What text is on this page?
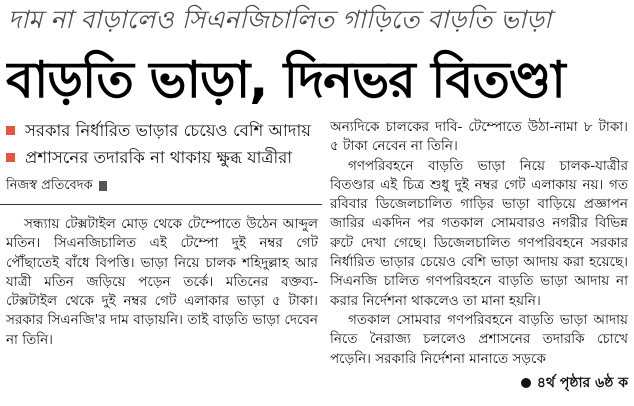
দাম না বাড়ালেও সিএনজিচালিত গাড়িতে বাড়তি ভাড়া
বাড়তি ভাড়া, দিনভর বিতণ্ডা
সরকার নির্ধারিত ভাড়ার চেয়েও বেশি আদায়
প্রশাসনের তদারকি না থাকায় ক্ষুব্ধ যাত্রীরা
নিজস্ব প্রতিবেদক

সন্ধ্যায় টেক্সটাইল মোড় থেকে টেম্পোতে উঠেন আব্দুল মতিন। সিএনজিচালিত এই টেম্পো দুই নম্বর গেট পৌঁছাতেই বাঁধে বিপত্তি। ভাড়া নিয়ে চালক শহিদুল্লাহ আর যাত্রী মতিন জড়িয়ে পড়েন তর্কে। মতিনের বক্তব্য- টেক্সটাইল থেকে দুই নম্বর গেট এলাকার ভাড়া ৫ টাকা। সরকার সিএনজি'র দাম বাড়ায়নি। তাই বাড়তি ভাড়া দেবেন না তিনি।

অন্যদিকে চালকের দাবি- টেম্পোতে উঠা-নামা ৮ টাকা। ৫ টাকা নেবেন না তিনি।

গণপরিবহনে বাড়তি ভাড়া নিয়ে চালক-যাত্রীর বিতণ্ডার এই চিত্র শুধু দুই নম্বর গেট এলাকায় নয়। গত রবিবার ডিজেলচালিত গাড়ির ভাড়া বাড়িয়ে প্রজ্ঞাপন জারির একদিন পর গতকাল সোমবারও নগরীর বিভিন্ন রুটে দেখা গেছে। ডিজেলচালিত গণপরিবহনে সরকার নির্ধারিত ভাড়ার চেয়েও বেশি ভাড়া আদায় করা হয়েছে। সিএনজি চালিত গণপরিবহনে বাড়তি ভাড়া আদায় না করার নির্দেশনা থাকলেও তা মানা হয়নি।

গতকাল সোমবার গণপরিবহনে বাড়তি ভাড়া আদায় নিতে নৈরাজ্য চললেও প্রশাসনের তদারকি চোখে পড়েনি। সরকারি নির্দেশনা মানাতে সড়কে

৪র্থ পৃষ্ঠার ৬ষ্ঠ ক
